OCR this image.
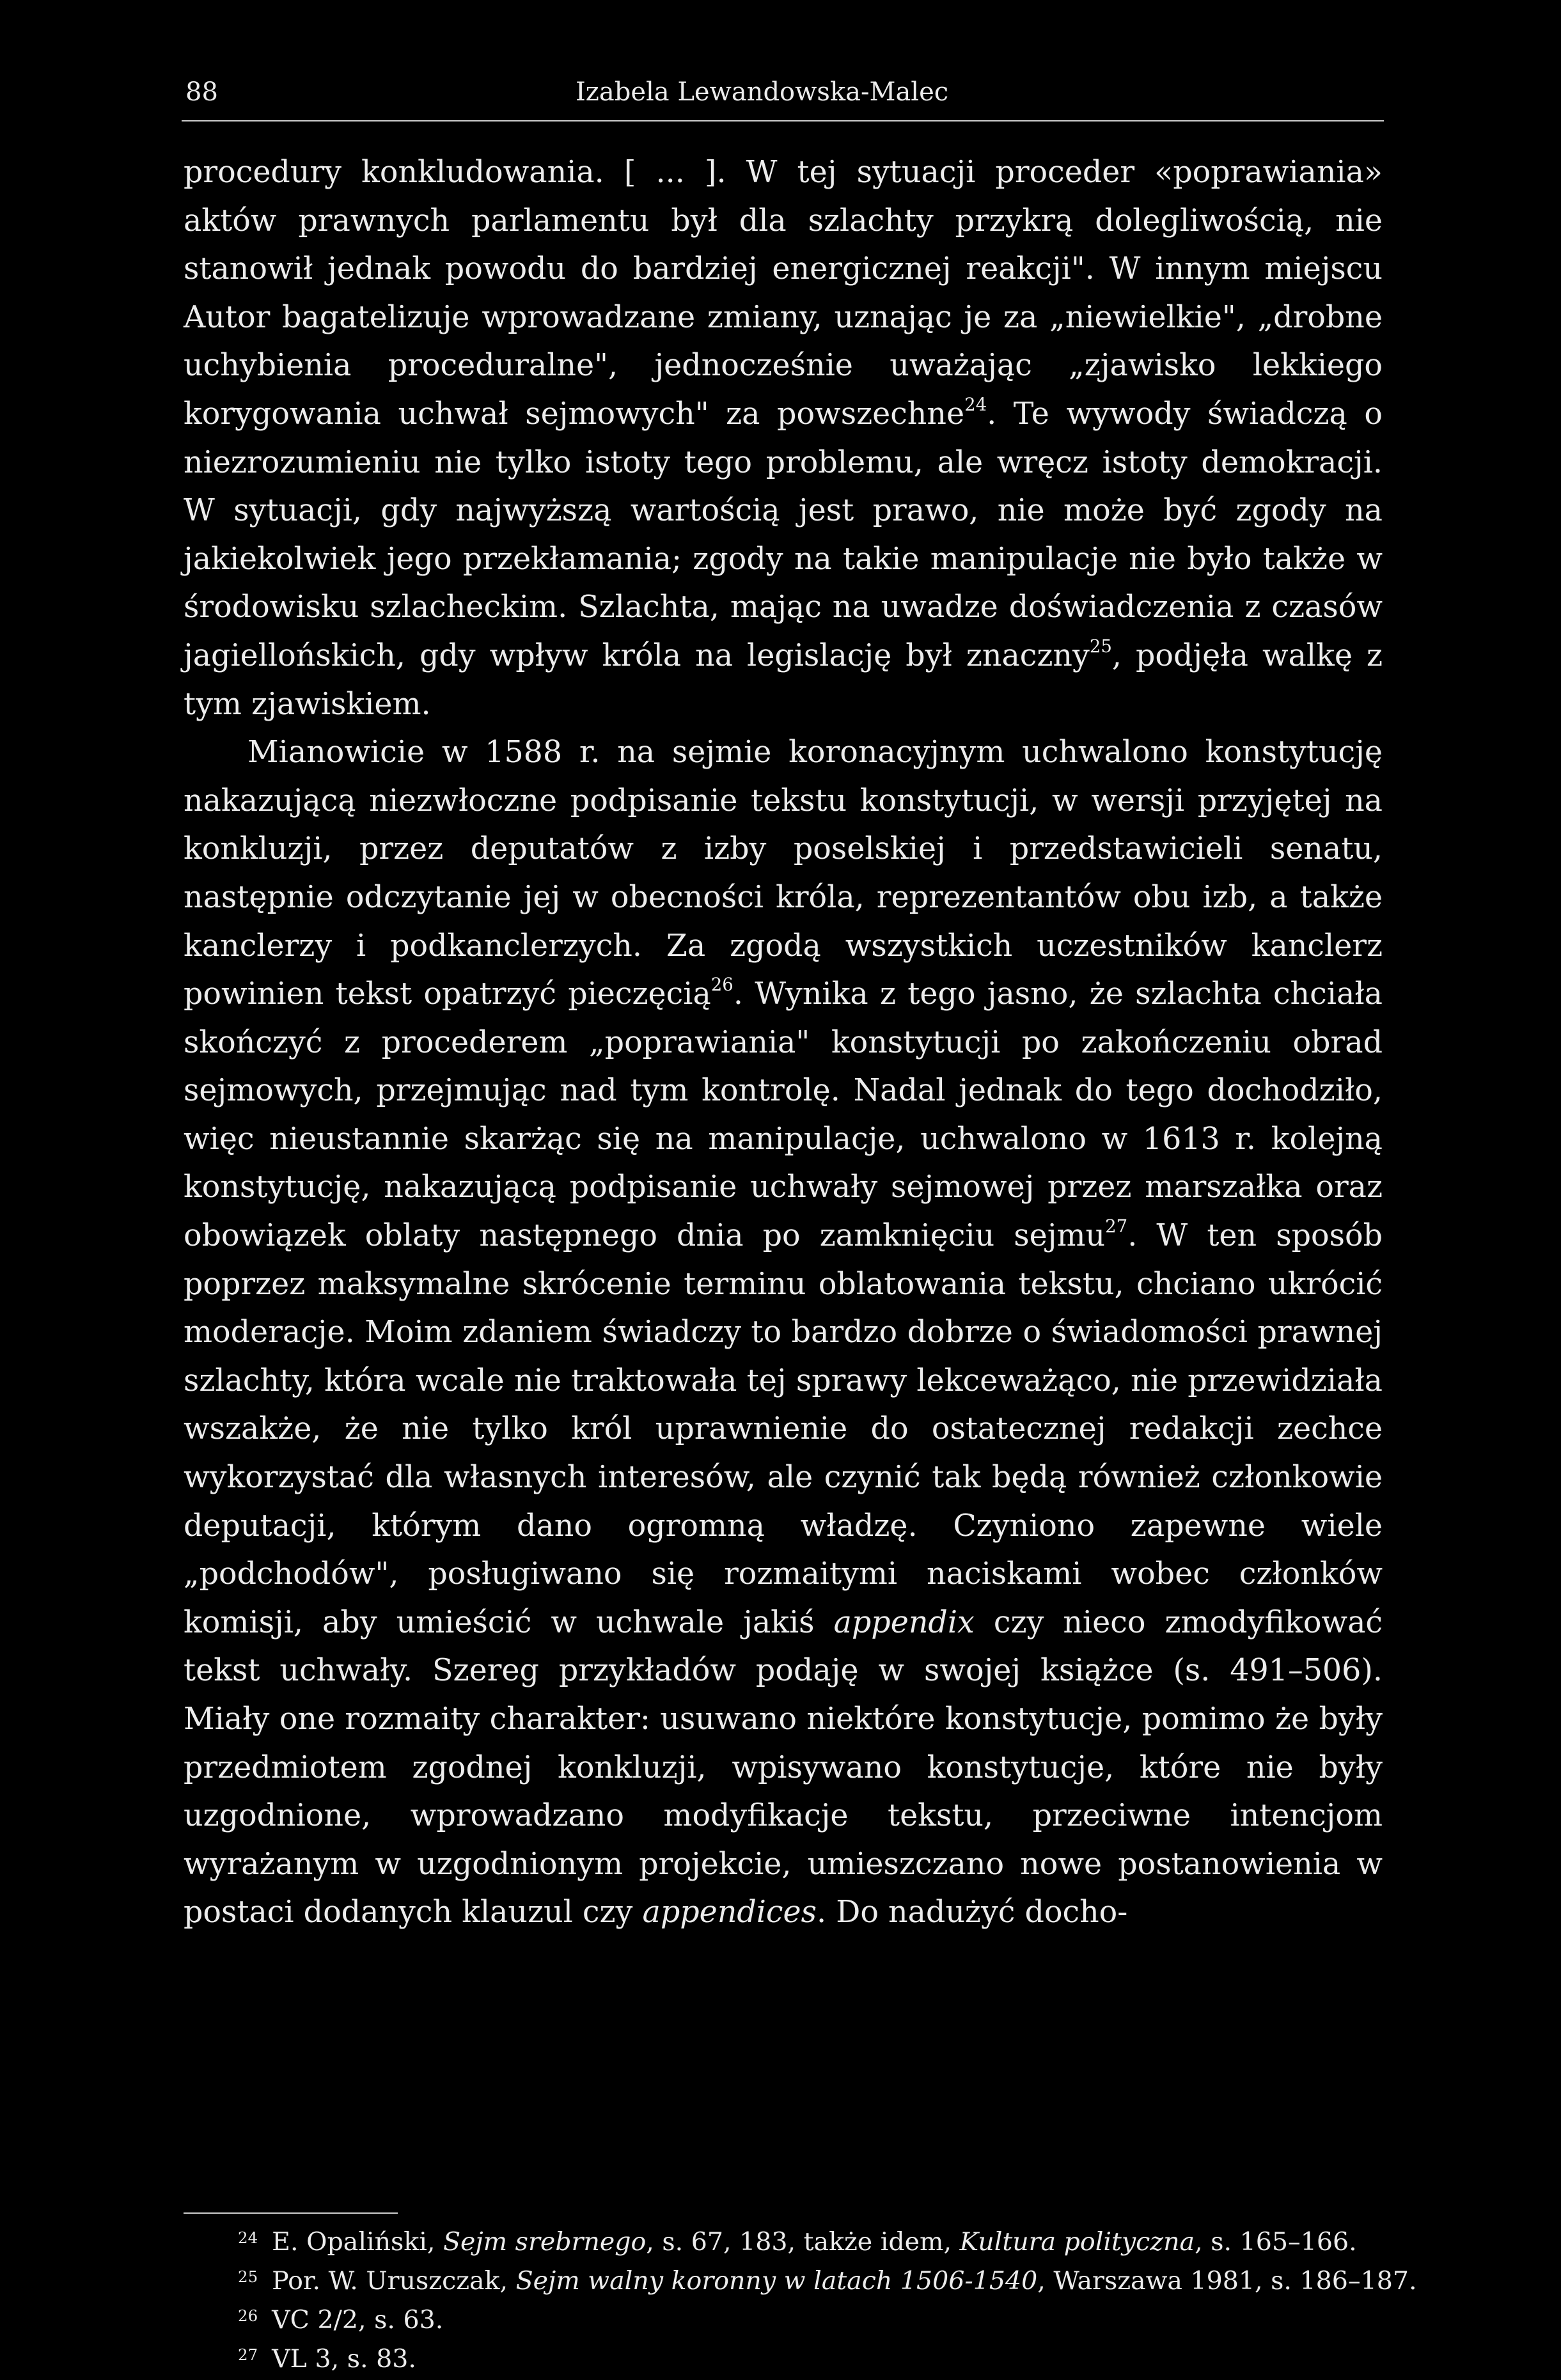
88	Izabela Lewandowska-Malec

procedury konkludowania. [ ... ]. W tej sytuacji proceder «poprawiania» aktów prawnych parlamentu był dla szlachty przykrą dolegliwością, nie stanowił jednak powodu do bardziej energicznej reakcji". W innym miejscu Autor bagatelizuje wprowadzane zmiany, uznając je za „niewielkie", „drobne uchybienia proceduralne", jednocześnie uważając „zjawisko lekkiego korygowania uchwał sejmowych" za powszechne$^{24}$. Te wywody świadczą o niezrozumieniu nie tylko istoty tego problemu, ale wręcz istoty demokracji. W sytuacji, gdy najwyższą wartością jest prawo, nie może być zgody na jakiekolwiek jego przekłamania; zgody na takie manipulacje nie było także w środowisku szlacheckim. Szlachta, mając na uwadze doświadczenia z czasów jagiellońskich, gdy wpływ króla na legislację był znaczny$^{25}$, podjęła walkę z tym zjawiskiem.

Mianowicie w 1588 r. na sejmie koronacyjnym uchwalono konstytucję nakazującą niezwłoczne podpisanie tekstu konstytucji, w wersji przyjętej na konkluzji, przez deputatów z izby poselskiej i przedstawicieli senatu, następnie odczytanie jej w obecności króla, reprezentantów obu izb, a także kanclerzy i podkanclerzych. Za zgodą wszystkich uczestników kanclerz powinien tekst opatrzyć pieczęcią$^{26}$. Wynika z tego jasno, że szlachta chciała skończyć z procederem „poprawiania" konstytucji po zakończeniu obrad sejmowych, przejmując nad tym kontrolę. Nadal jednak do tego dochodziło, więc nieustannie skarżąc się na manipulacje, uchwalono w 1613 r. kolejną konstytucję, nakazującą podpisanie uchwały sejmowej przez marszałka oraz obowiązek oblaty następnego dnia po zamknięciu sejmu$^{27}$. W ten sposób poprzez maksymalne skrócenie terminu oblatowania tekstu, chciano ukrócić moderacje. Moim zdaniem świadczy to bardzo dobrze o świadomości prawnej szlachty, która wcale nie traktowała tej sprawy lekceważąco, nie przewidziała wszakże, że nie tylko król uprawnienie do ostatecznej redakcji zechce wykorzystać dla własnych interesów, ale czynić tak będą również członkowie deputacji, którym dano ogromną władzę. Czyniono zapewne wiele „podchodów", posługiwano się rozmaitymi naciskami wobec członków komisji, aby umieścić w uchwale jakiś appendix czy nieco zmodyfikować tekst uchwały. Szereg przykładów podaję w swojej książce (s. 491–506). Miały one rozmaity charakter: usuwano niektóre konstytucje, pomimo że były przedmiotem zgodnej konkluzji, wpisywano konstytucje, które nie były uzgodnione, wprowadzano modyfikacje tekstu, przeciwne intencjom wyrażanym w uzgodnionym projekcie, umieszczano nowe postanowienia w postaci dodanych klauzul czy appendices. Do nadużyć docho-

$^{24}$ E. Opaliński, Sejm srebrnego, s. 67, 183, także idem, Kultura polityczna, s. 165–166.
$^{25}$ Por. W. Uruszczak, Sejm walny koronny w latach 1506-1540, Warszawa 1981, s. 186–187.
$^{26}$ VC 2/2, s. 63.
$^{27}$ VL 3, s. 83.
